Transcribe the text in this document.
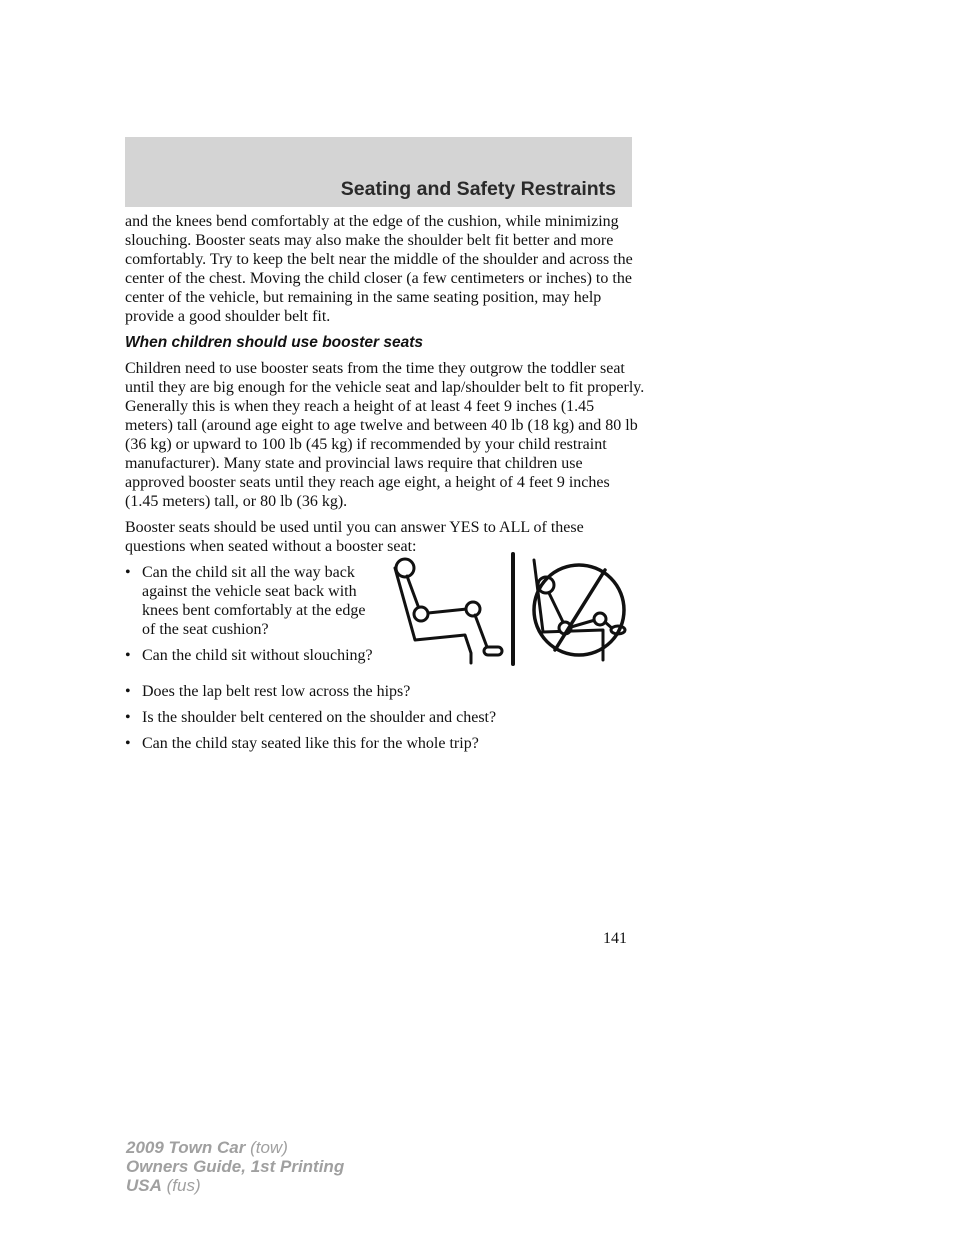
Seating and Safety Restraints

and the knees bend comfortably at the edge of the cushion, while minimizing slouching. Booster seats may also make the shoulder belt fit better and more comfortably. Try to keep the belt near the middle of the shoulder and across the center of the chest. Moving the child closer (a few centimeters or inches) to the center of the vehicle, but remaining in the same seating position, may help provide a good shoulder belt fit.

When children should use booster seats

Children need to use booster seats from the time they outgrow the toddler seat until they are big enough for the vehicle seat and lap/shoulder belt to fit properly. Generally this is when they reach a height of at least 4 feet 9 inches (1.45 meters) tall (around age eight to age twelve and between 40 lb (18 kg) and 80 lb (36 kg) or upward to 100 lb (45 kg) if recommended by your child restraint manufacturer). Many state and provincial laws require that children use approved booster seats until they reach age eight, a height of 4 feet 9 inches (1.45 meters) tall, or 80 lb (36 kg).

Booster seats should be used until you can answer YES to ALL of these questions when seated without a booster seat:

• Can the child sit all the way back against the vehicle seat back with knees bent comfortably at the edge of the seat cushion?
• Can the child sit without slouching?
• Does the lap belt rest low across the hips?
• Is the shoulder belt centered on the shoulder and chest?
• Can the child stay seated like this for the whole trip?
141
2009 Town Car (tow)
Owners Guide, 1st Printing
USA (fus)
